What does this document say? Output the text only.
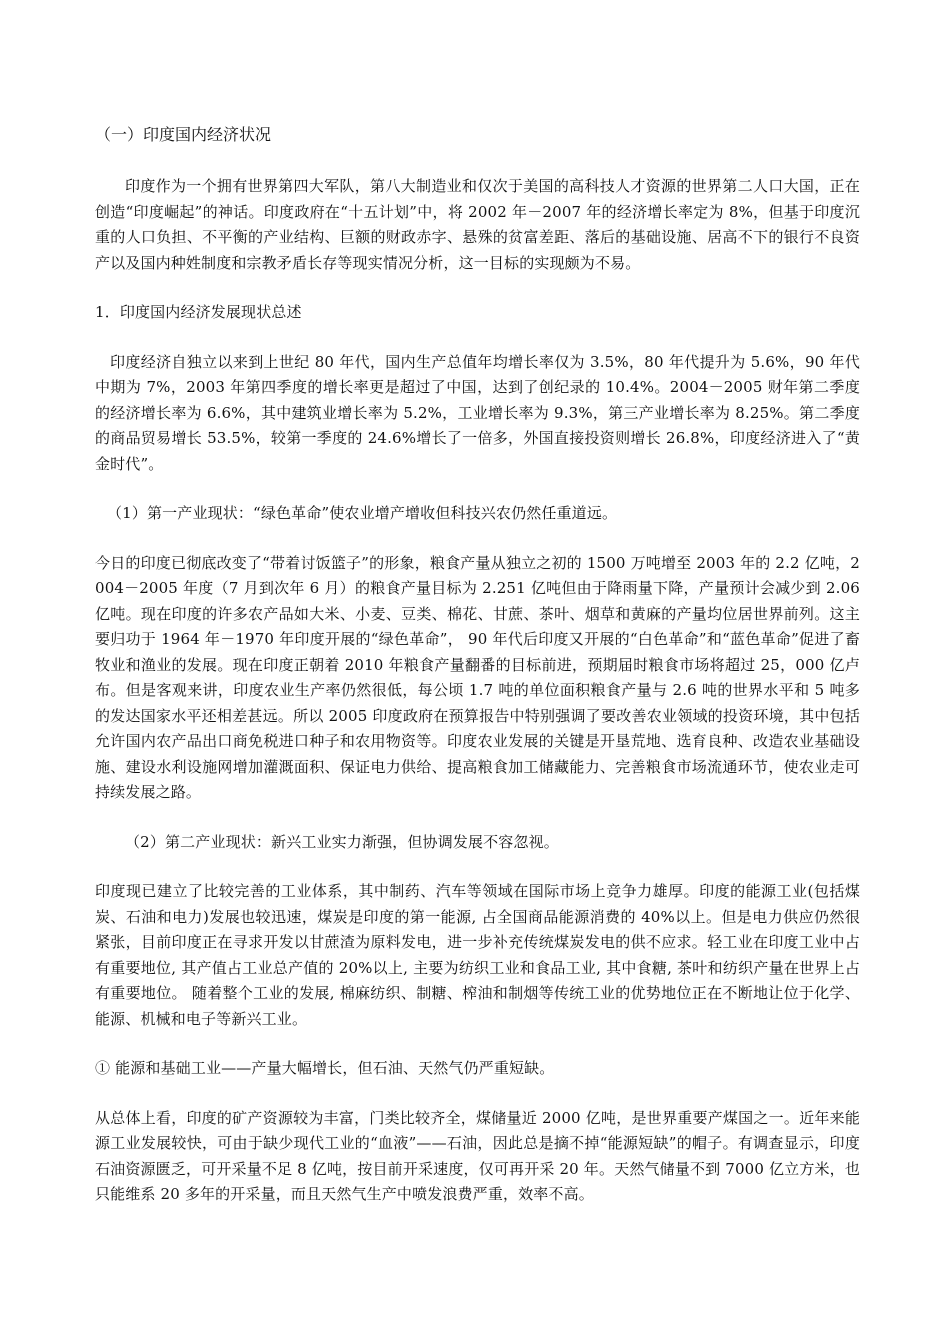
（一）印度国内经济状况

印度作为一个拥有世界第四大军队，第八大制造业和仅次于美国的高科技人才资源的世界第二人口大国，正在创造“印度崛起”的神话。印度政府在“十五计划”中，将 2002 年－2007 年的经济增长率定为 8%，但基于印度沉重的人口负担、不平衡的产业结构、巨额的财政赤字、悬殊的贫富差距、落后的基础设施、居高不下的银行不良资产以及国内种姓制度和宗教矛盾长存等现实情况分析，这一目标的实现颇为不易。

1．印度国内经济发展现状总述

印度经济自独立以来到上世纪 80 年代，国内生产总值年均增长率仅为 3.5%，80 年代提升为 5.6%，90 年代中期为 7%，2003 年第四季度的增长率更是超过了中国，达到了创纪录的 10.4%。2004－2005 财年第二季度的经济增长率为 6.6%，其中建筑业增长率为 5.2%，工业增长率为 9.3%，第三产业增长率为 8.25%。第二季度的商品贸易增长 53.5%，较第一季度的 24.6%增长了一倍多，外国直接投资则增长 26.8%，印度经济进入了“黄金时代”。

（1）第一产业现状：“绿色革命”使农业增产增收但科技兴农仍然任重道远。

今日的印度已彻底改变了“带着讨饭篮子”的形象，粮食产量从独立之初的 1500 万吨增至 2003 年的 2.2 亿吨，2004－2005 年度（7 月到次年 6 月）的粮食产量目标为 2.251 亿吨但由于降雨量下降，产量预计会减少到 2.06 亿吨。现在印度的许多农产品如大米、小麦、豆类、棉花、甘蔗、茶叶、烟草和黄麻的产量均位居世界前列。这主要归功于 1964 年－1970 年印度开展的“绿色革命”， 90 年代后印度又开展的“白色革命”和“蓝色革命”促进了畜牧业和渔业的发展。现在印度正朝着 2010 年粮食产量翻番的目标前进，预期届时粮食市场将超过 25，000 亿卢布。但是客观来讲，印度农业生产率仍然很低，每公顷 1.7 吨的单位面积粮食产量与 2.6 吨的世界水平和 5 吨多的发达国家水平还相差甚远。所以 2005 印度政府在预算报告中特别强调了要改善农业领域的投资环境，其中包括允许国内农产品出口商免税进口种子和农用物资等。印度农业发展的关键是开垦荒地、选育良种、改造农业基础设施、建设水利设施网增加灌溉面积、保证电力供给、提高粮食加工储藏能力、完善粮食市场流通环节，使农业走可持续发展之路。

（2）第二产业现状：新兴工业实力渐强，但协调发展不容忽视。

印度现已建立了比较完善的工业体系，其中制药、汽车等领域在国际市场上竞争力雄厚。印度的能源工业(包括煤炭、石油和电力)发展也较迅速，煤炭是印度的第一能源, 占全国商品能源消费的 40%以上。但是电力供应仍然很紧张，目前印度正在寻求开发以甘蔗渣为原料发电，进一步补充传统煤炭发电的供不应求。轻工业在印度工业中占有重要地位, 其产值占工业总产值的 20%以上, 主要为纺织工业和食品工业, 其中食糖, 茶叶和纺织产量在世界上占有重要地位。 随着整个工业的发展, 棉麻纺织、制糖、榨油和制烟等传统工业的优势地位正在不断地让位于化学、能源、机械和电子等新兴工业。

① 能源和基础工业——产量大幅增长，但石油、天然气仍严重短缺。

从总体上看，印度的矿产资源较为丰富，门类比较齐全，煤储量近 2000 亿吨，是世界重要产煤国之一。近年来能源工业发展较快，可由于缺少现代工业的“血液”——石油，因此总是摘不掉“能源短缺”的帽子。有调查显示，印度石油资源匮乏，可开采量不足 8 亿吨，按目前开采速度，仅可再开采 20 年。天然气储量不到 7000 亿立方米，也只能维系 20 多年的开采量，而且天然气生产中喷发浪费严重，效率不高。
